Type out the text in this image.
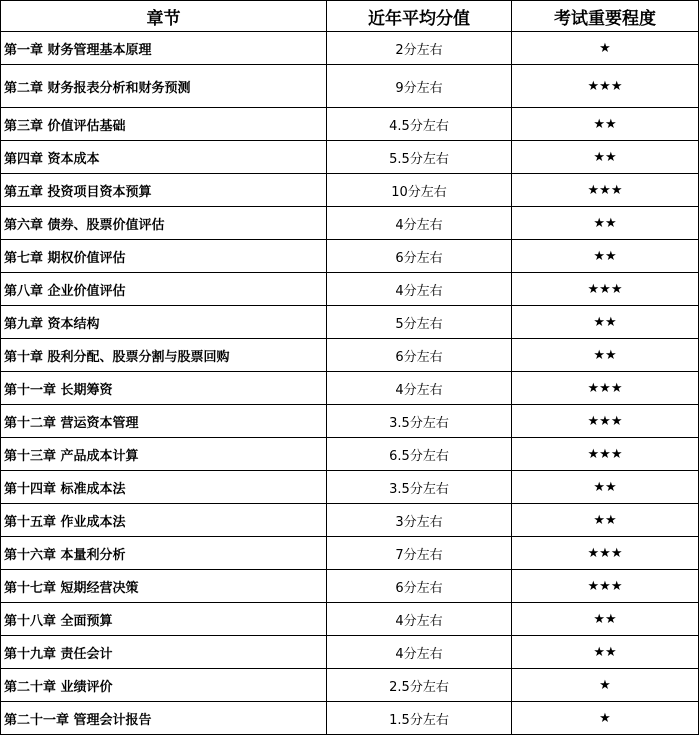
章节	近年平均分值	考试重要程度
第一章 财务管理基本原理	2分左右	★
第二章 财务报表分析和财务预测	9分左右	★★★
第三章 价值评估基础	4.5分左右	★★
第四章 资本成本	5.5分左右	★★
第五章 投资项目资本预算	10分左右	★★★
第六章 债券、股票价值评估	4分左右	★★
第七章 期权价值评估	6分左右	★★
第八章 企业价值评估	4分左右	★★★
第九章 资本结构	5分左右	★★
第十章 股利分配、股票分割与股票回购	6分左右	★★
第十一章 长期筹资	4分左右	★★★
第十二章 营运资本管理	3.5分左右	★★★
第十三章 产品成本计算	6.5分左右	★★★
第十四章 标准成本法	3.5分左右	★★
第十五章 作业成本法	3分左右	★★
第十六章 本量利分析	7分左右	★★★
第十七章 短期经营决策	6分左右	★★★
第十八章 全面预算	4分左右	★★
第十九章 责任会计	4分左右	★★
第二十章 业绩评价	2.5分左右	★
第二十一章 管理会计报告	1.5分左右	★
